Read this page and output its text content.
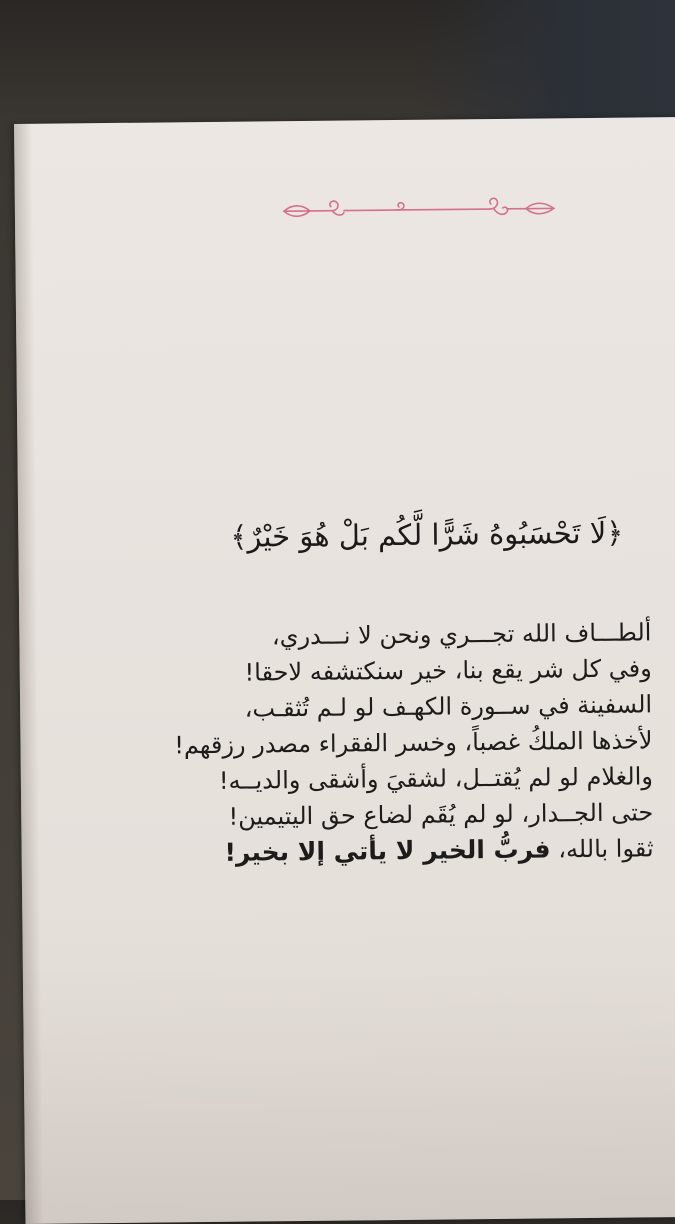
﴿لَا تَحْسَبُوهُ شَرًّا لَّكُم بَلْ هُوَ خَيْرٌ﴾
ألطـــاف الله تجـــري ونحن لا نـــدري،
وفي كل شر يقع بنا، خير سنكتشفه لاحقا!
السفينة في ســورة الكهـف لو لـم تُثقـب،
لأخذها الملكُ غصباً، وخسر الفقراء مصدر رزقهم!
والغلام لو لم يُقتــل، لشقيَ وأشقى والديــه!
حتى الجــدار، لو لم يُقَم لضاع حق اليتيمين!
ثقوا بالله، فربُّ الخير لا يأتي إلا بخير!
